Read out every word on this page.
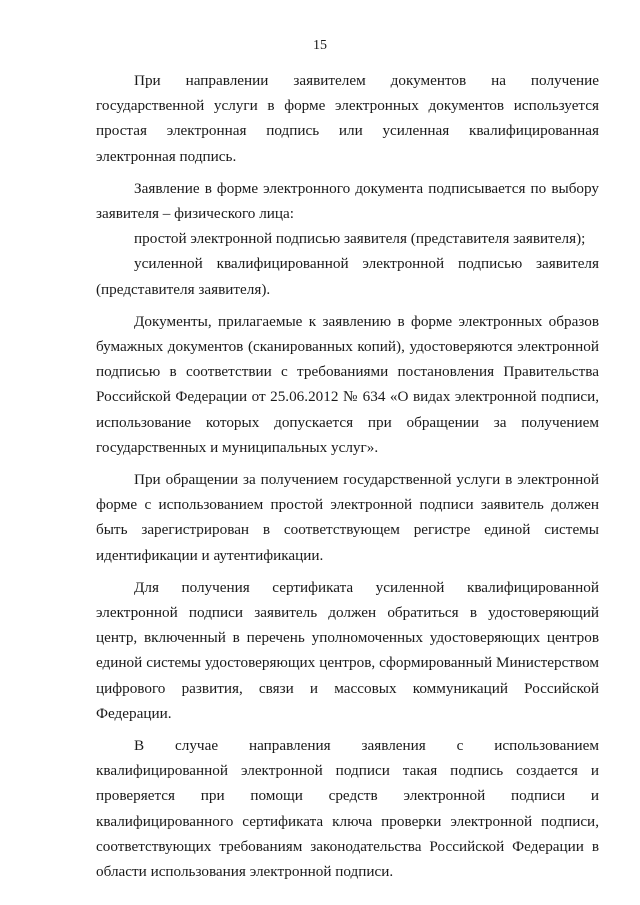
15

При направлении заявителем документов на получение государственной услуги в форме электронных документов используется простая электронная подпись или усиленная квалифицированная электронная подпись.

Заявление в форме электронного документа подписывается по выбору заявителя – физического лица:

простой электронной подписью заявителя (представителя заявителя);

усиленной квалифицированной электронной подписью заявителя (представителя заявителя).

Документы, прилагаемые к заявлению в форме электронных образов бумажных документов (сканированных копий), удостоверяются электронной подписью в соответствии с требованиями постановления Правительства Российской Федерации от 25.06.2012 № 634 «О видах электронной подписи, использование которых допускается при обращении за получением государственных и муниципальных услуг».

При обращении за получением государственной услуги в электронной форме с использованием простой электронной подписи заявитель должен быть зарегистрирован в соответствующем регистре единой системы идентификации и аутентификации.

Для получения сертификата усиленной квалифицированной электронной подписи заявитель должен обратиться в удостоверяющий центр, включенный в перечень уполномоченных удостоверяющих центров единой системы удостоверяющих центров, сформированный Министерством цифрового развития, связи и массовых коммуникаций Российской Федерации.

В случае направления заявления с использованием квалифицированной электронной подписи такая подпись создается и проверяется при помощи средств электронной подписи и квалифицированного сертификата ключа проверки электронной подписи, соответствующих требованиям законодательства Российской Федерации в области использования электронной подписи.
